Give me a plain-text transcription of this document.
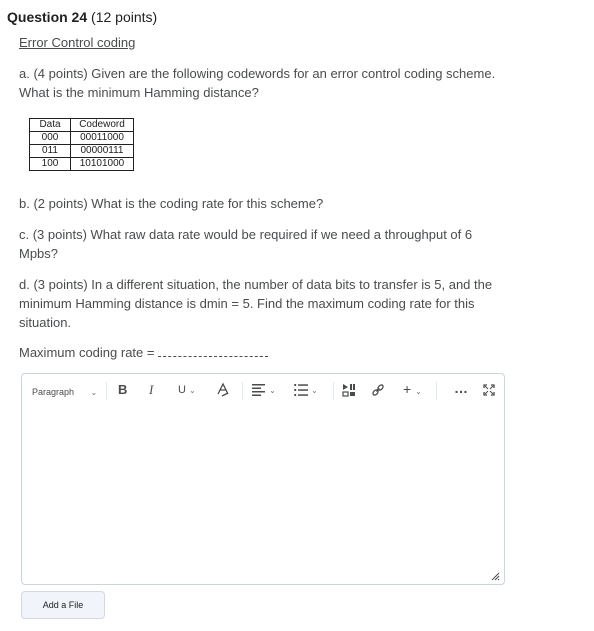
Question 24 (12 points)
Error Control coding
a. (4 points) Given are the following codewords for an error control coding scheme.
What is the minimum Hamming distance?
Data	Codeword
000	00011000
011	00000111
100	10101000
b. (2 points) What is the coding rate for this scheme?
c. (3 points) What raw data rate would be required if we need a throughput of 6
Mpbs?
d. (3 points) In a different situation, the number of data bits to transfer is 5, and the
minimum Hamming distance is dmin = 5. Find the maximum coding rate for this
situation.
Maximum coding rate =
Paragraph ⌄ B I U ⌄	⌄	⌄	+ ⌄ …
Add a File
